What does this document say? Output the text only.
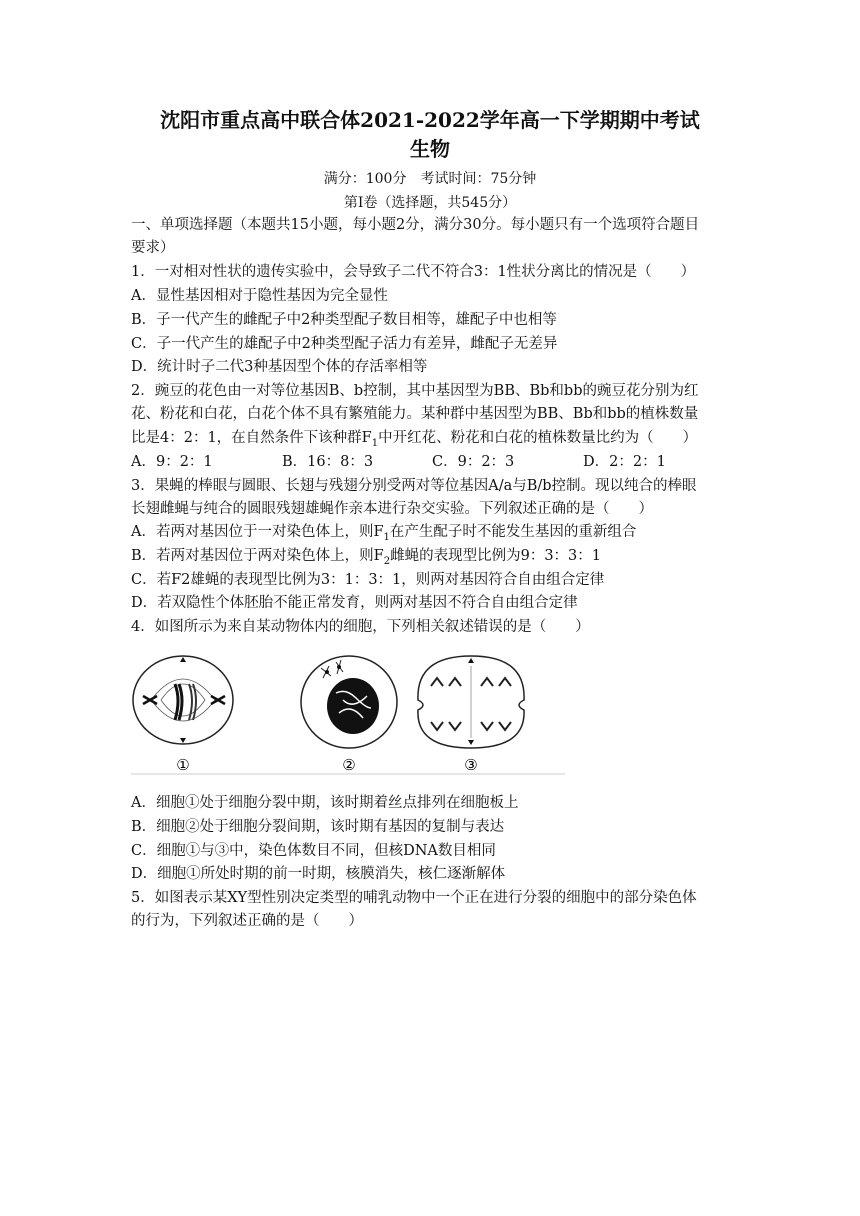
沈阳市重点高中联合体2021-2022学年高一下学期期中考试
生物
满分：100分　考试时间：75分钟
第Ⅰ卷（选择题，共545分）
一、单项选择题（本题共15小题，每小题2分，满分30分。每小题只有一个选项符合题目
要求）
1．一对相对性状的遗传实验中，会导致子二代不符合3：1性状分离比的情况是（　　）
A．显性基因相对于隐性基因为完全显性
B．子一代产生的雌配子中2种类型配子数目相等，雄配子中也相等
C．子一代产生的雄配子中2种类型配子活力有差异，雌配子无差异
D．统计时子二代3种基因型个体的存活率相等
2．豌豆的花色由一对等位基因B、b控制，其中基因型为BB、Bb和bb的豌豆花分别为红
花、粉花和白花，白花个体不具有繁殖能力。某种群中基因型为BB、Bb和bb的植株数量
比是4：2：1，在自然条件下该种群$F_1$中开红花、粉花和白花的植株数量比约为（　　）
A．9：2：1	B．16：8：3	C．9：2：3	D．2：2：1
3．果蝇的棒眼与圆眼、长翅与残翅分别受两对等位基因A/a与B/b控制。现以纯合的棒眼
长翅雌蝇与纯合的圆眼残翅雄蝇作亲本进行杂交实验。下列叙述正确的是（　　）
A．若两对基因位于一对染色体上，则$F_1$在产生配子时不能发生基因的重新组合
B．若两对基因位于两对染色体上，则$F_2$雌蝇的表现型比例为9：3：3：1
C．若F2雄蝇的表现型比例为3：1：3：1，则两对基因符合自由组合定律
D．若双隐性个体胚胎不能正常发育，则两对基因不符合自由组合定律
4．如图所示为来自某动物体内的细胞，下列相关叙述错误的是（　　）
①	②	③
A．细胞①处于细胞分裂中期，该时期着丝点排列在细胞板上
B．细胞②处于细胞分裂间期，该时期有基因的复制与表达
C．细胞①与③中，染色体数目不同，但核DNA数目相同
D．细胞①所处时期的前一时期，核膜消失，核仁逐渐解体
5．如图表示某XY型性别决定类型的哺乳动物中一个正在进行分裂的细胞中的部分染色体
的行为，下列叙述正确的是（　　）
